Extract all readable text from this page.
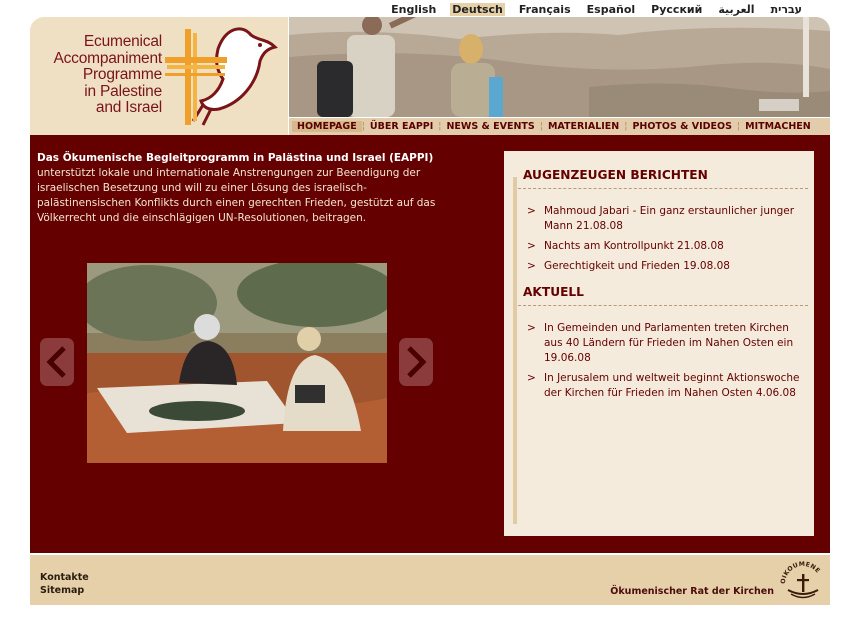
English Deutsch Français Español Русский العربية עברית
Ecumenical
Accompaniment
Programme
in Palestine
and Israel
HOMEPAGE ¦ ÜBER EAPPI ¦ NEWS & EVENTS ¦ MATERIALIEN ¦ PHOTOS & VIDEOS ¦ MITMACHEN
Das Ökumenische Begleitprogramm in Palästina und Israel (EAPPI) unterstützt lokale und internationale Anstrengungen zur Beendigung der israelischen Besetzung und will zu einer Lösung des israelisch-palästinensischen Konflikts durch einen gerechten Frieden, gestützt auf das Völkerrecht und die einschlägigen UN-Resolutionen, beitragen.
AUGENZEUGEN BERICHTEN
> Mahmoud Jabari - Ein ganz erstaunlicher junger Mann 21.08.08
> Nachts am Kontrollpunkt 21.08.08
> Gerechtigkeit und Frieden 19.08.08
AKTUELL
> In Gemeinden und Parlamenten treten Kirchen aus 40 Ländern für Frieden im Nahen Osten ein 19.06.08
> In Jerusalem und weltweit beginnt Aktionswoche der Kirchen für Frieden im Nahen Osten 4.06.08
Kontakte
Sitemap	Ökumenischer Rat der Kirchen
OIKOUMENE
